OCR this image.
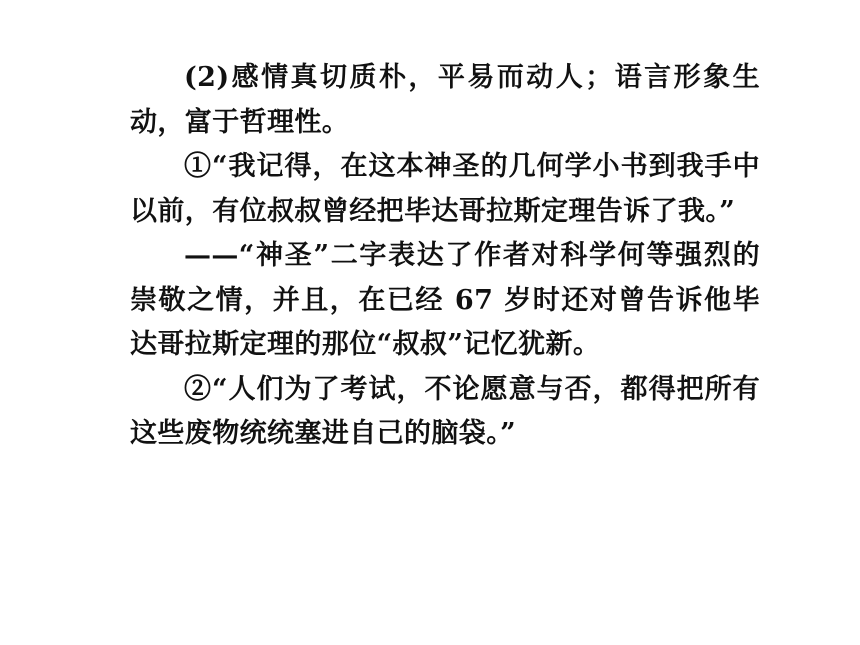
(2)感情真切质朴，平易而动人；语言形象生动，富于哲理性。

①“我记得，在这本神圣的几何学小书到我手中以前，有位叔叔曾经把毕达哥拉斯定理告诉了我。”

——“神圣”二字表达了作者对科学何等强烈的崇敬之情，并且，在已经 67 岁时还对曾告诉他毕达哥拉斯定理的那位“叔叔”记忆犹新。

②“人们为了考试，不论愿意与否，都得把所有这些废物统统塞进自己的脑袋。”
